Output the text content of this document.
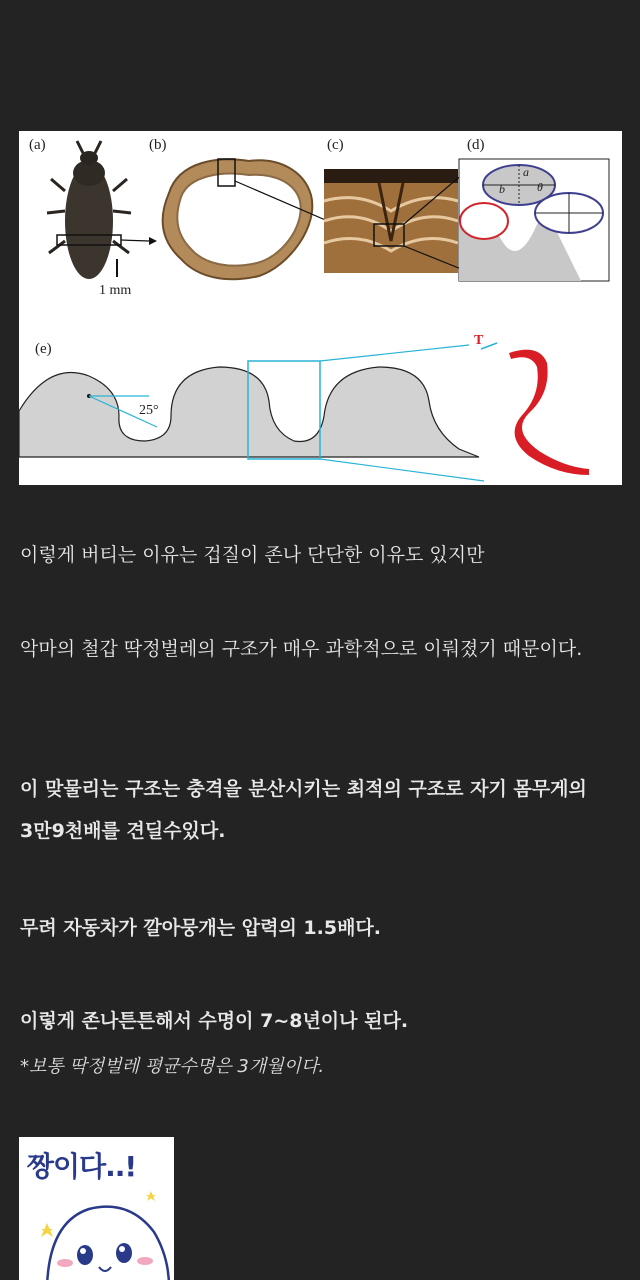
(a)	(b)	(c)	(d)
(e)
1 mm
a
b	θ
25°
T

이렇게 버티는 이유는 겁질이 존나 단단한 이유도 있지만

악마의 철갑 딱정벌레의 구조가 매우 과학적으로 이뤄졌기 때문이다.

이 맞물리는 구조는 충격을 분산시키는 최적의 구조로 자기 몸무게의 3만9천배를 견딜수있다.

무려 자동차가 깔아뭉개는 압력의 1.5배다.

이렇게 존나튼튼해서 수명이 7~8년이나 된다.

*보통 딱정벌레 평균수명은 3개월이다.

짱이다..!
